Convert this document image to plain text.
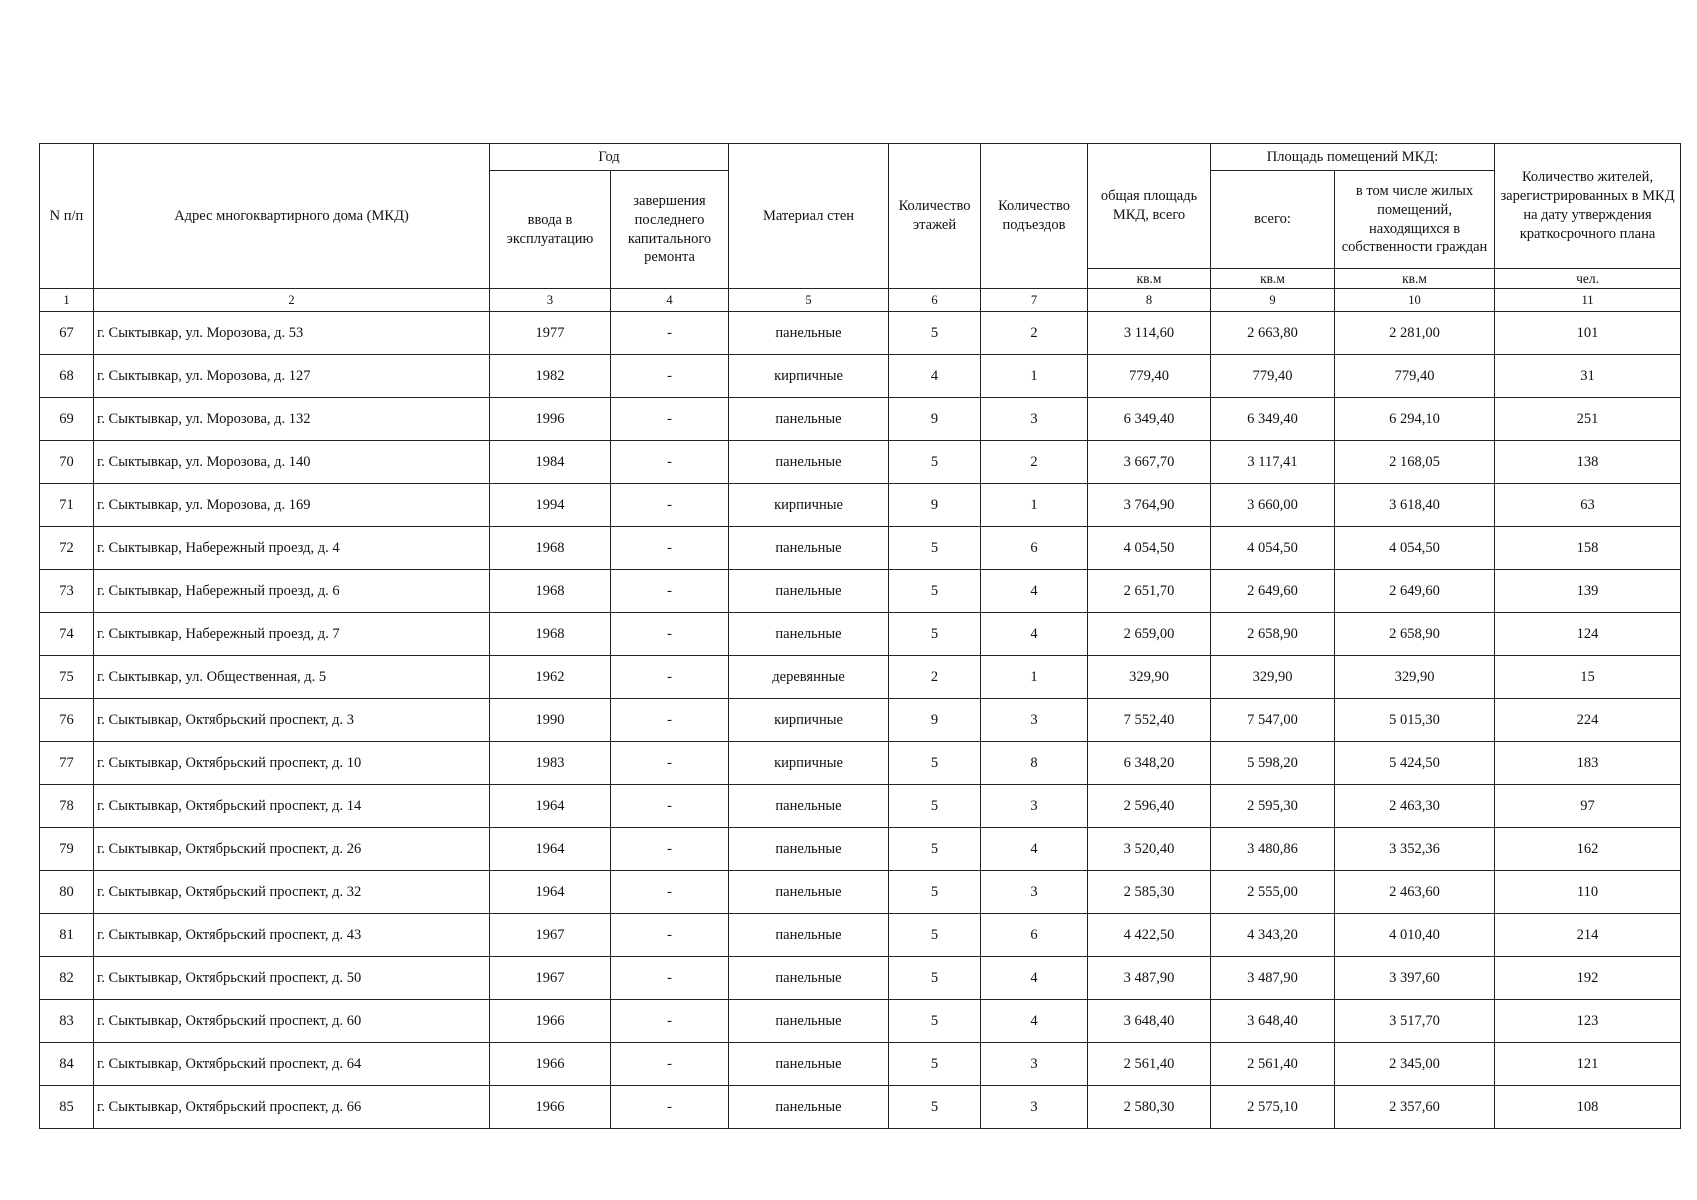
N п/п	Адрес многоквартирного дома (МКД)	Год		Материал стен	Количество этажей	Количество подъездов	общая площадь МКД, всего	Площадь помещений МКД:		Количество жителей, зарегистрированных в МКД на дату утверждения краткосрочного плана
		ввода в эксплуатацию	завершения последнего капитального ремонта					всего:	в том числе жилых помещений, находящихся в собственности граждан	
							кв.м	кв.м	кв.м	чел.
1	2	3	4	5	6	7	8	9	10	11
67	г. Сыктывкар, ул. Морозова, д. 53	1977	-	панельные	5	2	3 114,60	2 663,80	2 281,00	101
68	г. Сыктывкар, ул. Морозова, д. 127	1982	-	кирпичные	4	1	779,40	779,40	779,40	31
69	г. Сыктывкар, ул. Морозова, д. 132	1996	-	панельные	9	3	6 349,40	6 349,40	6 294,10	251
70	г. Сыктывкар, ул. Морозова, д. 140	1984	-	панельные	5	2	3 667,70	3 117,41	2 168,05	138
71	г. Сыктывкар, ул. Морозова, д. 169	1994	-	кирпичные	9	1	3 764,90	3 660,00	3 618,40	63
72	г. Сыктывкар, Набережный проезд, д. 4	1968	-	панельные	5	6	4 054,50	4 054,50	4 054,50	158
73	г. Сыктывкар, Набережный проезд, д. 6	1968	-	панельные	5	4	2 651,70	2 649,60	2 649,60	139
74	г. Сыктывкар, Набережный проезд, д. 7	1968	-	панельные	5	4	2 659,00	2 658,90	2 658,90	124
75	г. Сыктывкар, ул. Общественная, д. 5	1962	-	деревянные	2	1	329,90	329,90	329,90	15
76	г. Сыктывкар, Октябрьский проспект, д. 3	1990	-	кирпичные	9	3	7 552,40	7 547,00	5 015,30	224
77	г. Сыктывкар, Октябрьский проспект, д. 10	1983	-	кирпичные	5	8	6 348,20	5 598,20	5 424,50	183
78	г. Сыктывкар, Октябрьский проспект, д. 14	1964	-	панельные	5	3	2 596,40	2 595,30	2 463,30	97
79	г. Сыктывкар, Октябрьский проспект, д. 26	1964	-	панельные	5	4	3 520,40	3 480,86	3 352,36	162
80	г. Сыктывкар, Октябрьский проспект, д. 32	1964	-	панельные	5	3	2 585,30	2 555,00	2 463,60	110
81	г. Сыктывкар, Октябрьский проспект, д. 43	1967	-	панельные	5	6	4 422,50	4 343,20	4 010,40	214
82	г. Сыктывкар, Октябрьский проспект, д. 50	1967	-	панельные	5	4	3 487,90	3 487,90	3 397,60	192
83	г. Сыктывкар, Октябрьский проспект, д. 60	1966	-	панельные	5	4	3 648,40	3 648,40	3 517,70	123
84	г. Сыктывкар, Октябрьский проспект, д. 64	1966	-	панельные	5	3	2 561,40	2 561,40	2 345,00	121
85	г. Сыктывкар, Октябрьский проспект, д. 66	1966	-	панельные	5	3	2 580,30	2 575,10	2 357,60	108
